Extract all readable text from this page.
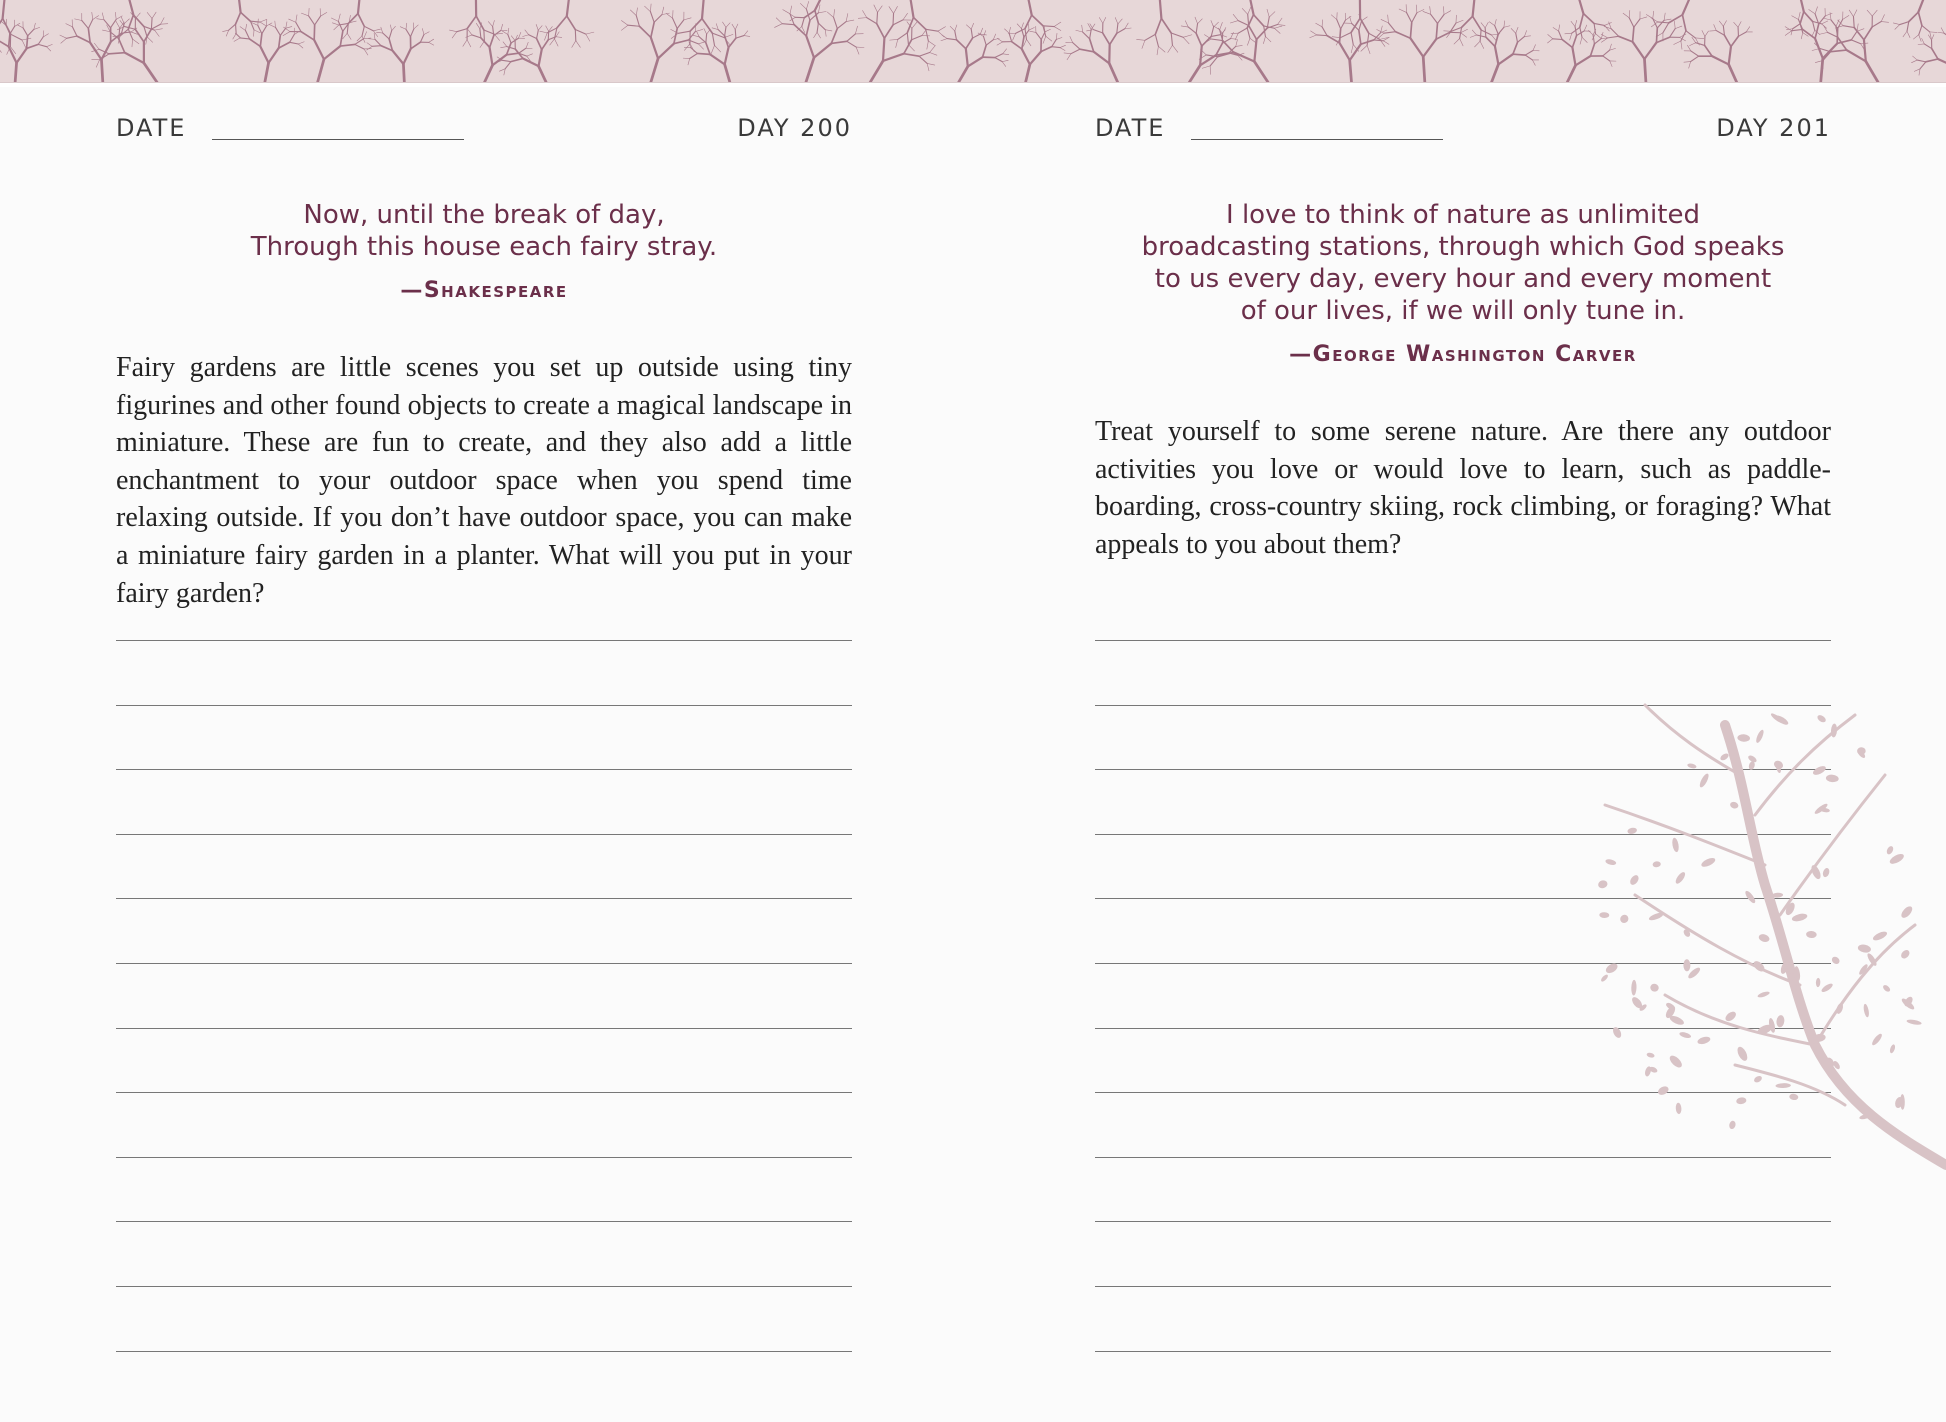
DATE	DAY 200
Now, until the break of day,
Through this house each fairy stray.
—Shakespeare

Fairy gardens are little scenes you set up outside using tiny figurines and other found objects to create a magical landscape in miniature. These are fun to create, and they also add a little enchantment to your outdoor space when you spend time relaxing outside. If you don’t have outdoor space, you can make a miniature fairy garden in a planter. What will you put in your fairy garden?

DATE	DAY 201
I love to think of nature as unlimited
broadcasting stations, through which God speaks
to us every day, every hour and every moment
of our lives, if we will only tune in.
—George Washington Carver

Treat yourself to some serene nature. Are there any outdoor activities you love or would love to learn, such as paddle-boarding, cross-country skiing, rock climbing, or foraging? What appeals to you about them?
